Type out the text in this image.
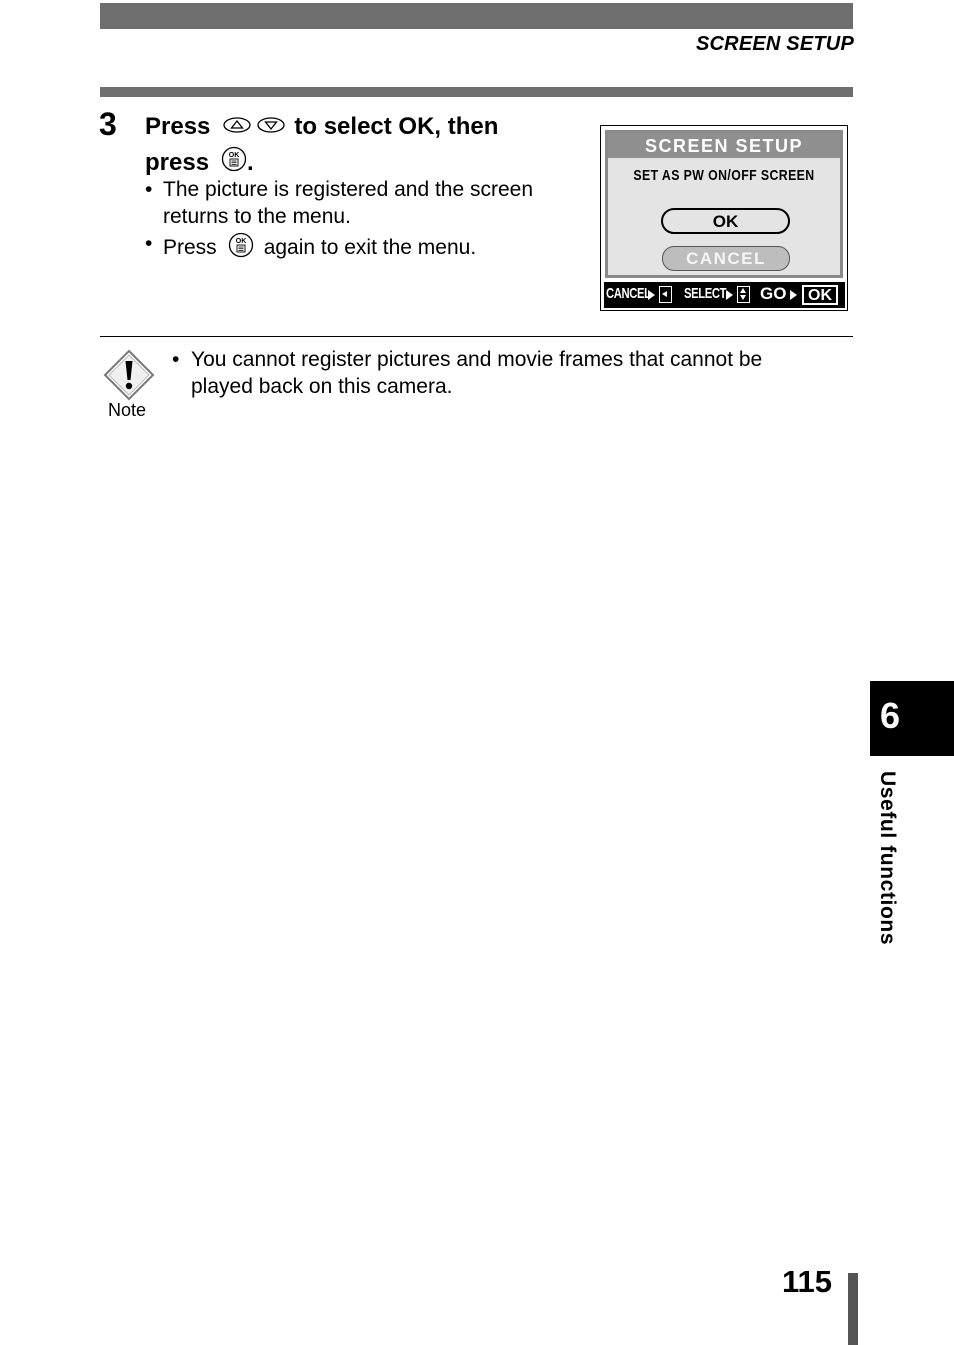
SCREEN SETUP
3 Press	to select OK, then
press	OK .
• The picture is registered and the screen
returns to the menu.
• Press	OK again to exit the menu.
SCREEN SETUP
SET AS PW ON/OFF SCREEN
OK
CANCEL
CANCEL SELECT GO	OK
Note
• You cannot register pictures and movie frames that cannot be
played back on this camera.
6
Useful functions
115
